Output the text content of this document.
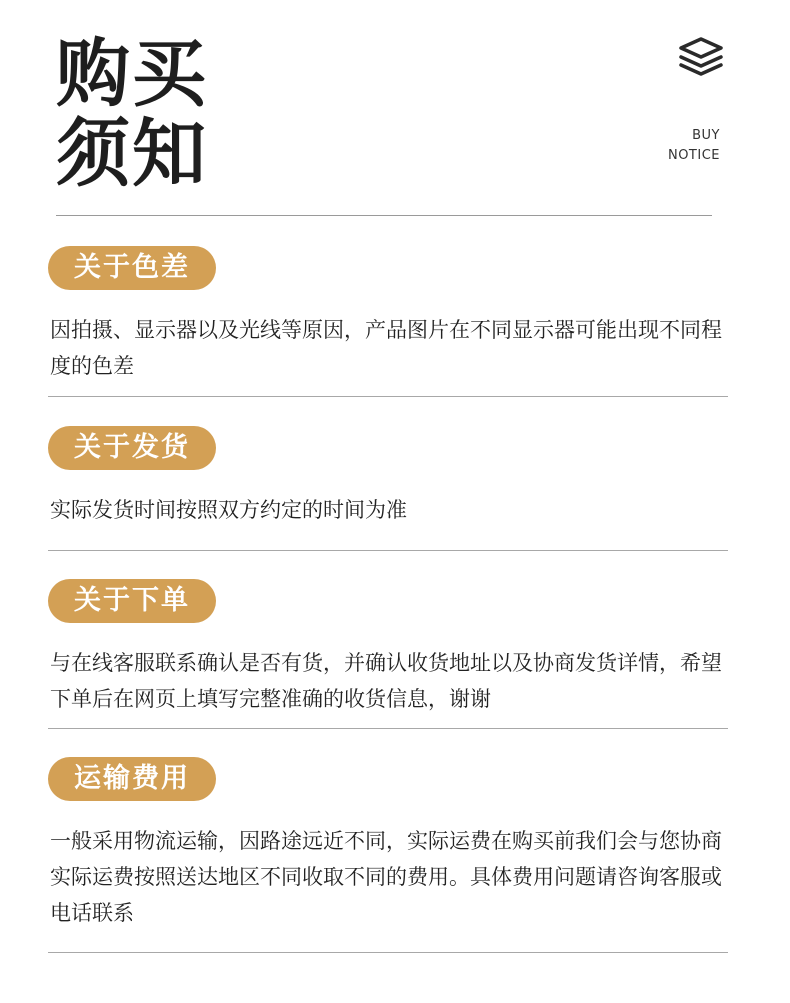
购买
须知	BUY
NOTICE
关于色差
因拍摄、显示器以及光线等原因，产品图片在不同显示器可能出现不同程度的色差
关于发货
实际发货时间按照双方约定的时间为准
关于下单
与在线客服联系确认是否有货，并确认收货地址以及协商发货详情，希望下单后在网页上填写完整准确的收货信息，谢谢
运输费用
一般采用物流运输，因路途远近不同，实际运费在购买前我们会与您协商实际运费按照送达地区不同收取不同的费用。具体费用问题请咨询客服或电话联系
